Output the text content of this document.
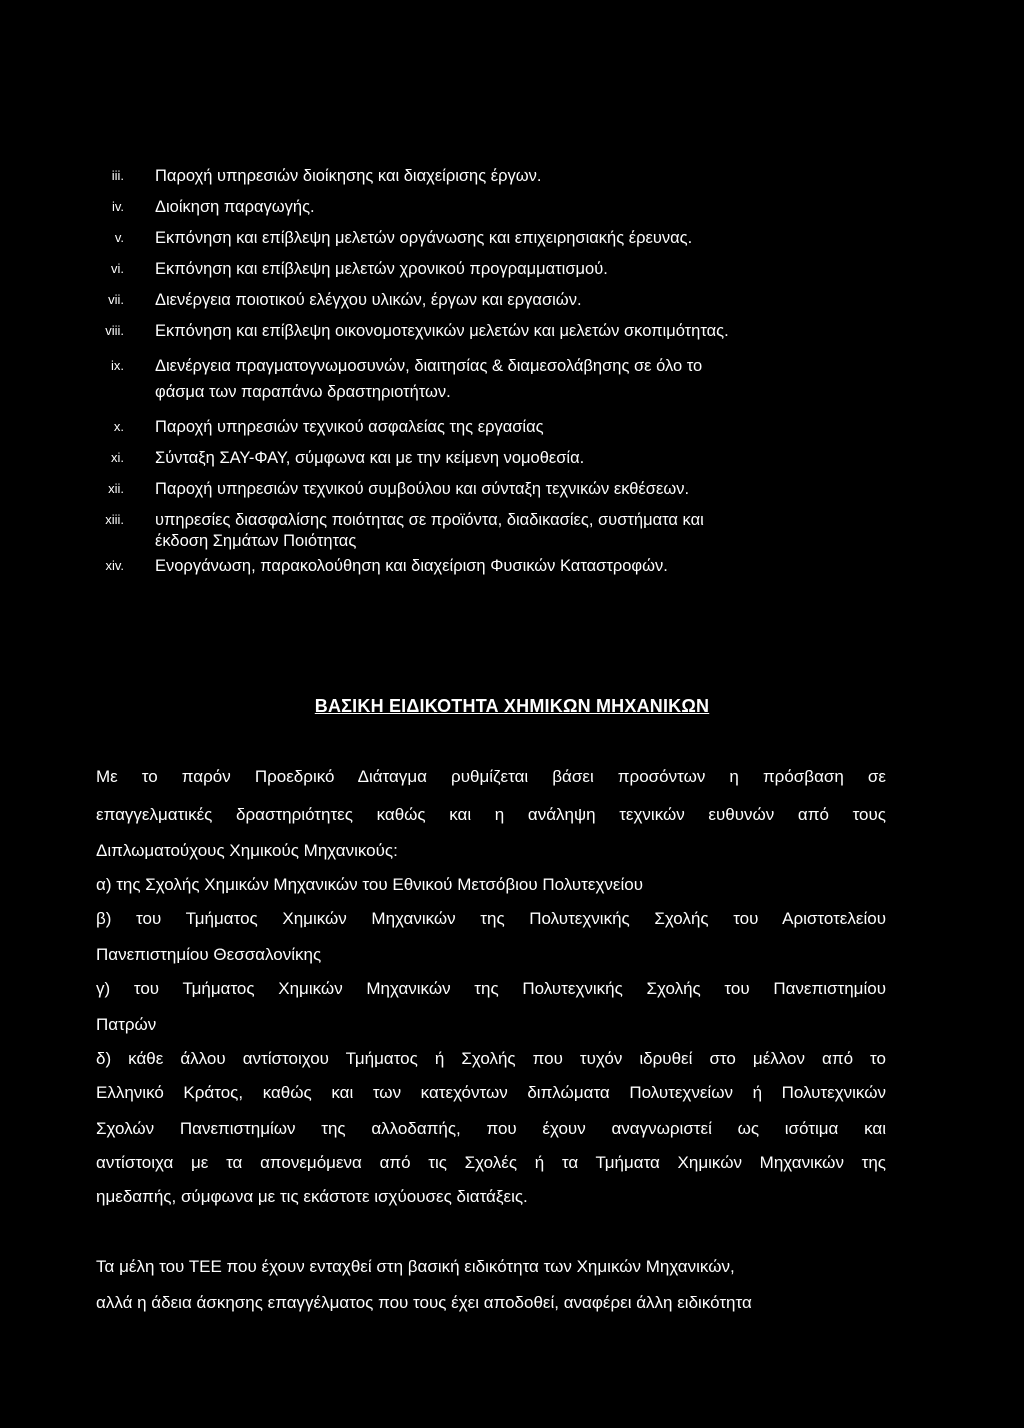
iii. Παροχή υπηρεσιών διοίκησης και διαχείρισης έργων.
iv. Διοίκηση παραγωγής.
v. Εκπόνηση και επίβλεψη μελετών οργάνωσης και επιχειρησιακής έρευνας.
vi. Εκπόνηση και επίβλεψη μελετών χρονικού προγραμματισμού.
vii. Διενέργεια ποιοτικού ελέγχου υλικών, έργων και εργασιών.
viii. Εκπόνηση και επίβλεψη οικονομοτεχνικών μελετών και μελετών σκοπιμότητας.
ix. Διενέργεια πραγματογνωμοσυνών, διαιτησίας & διαμεσολάβησης σε όλο το
φάσμα των παραπάνω δραστηριοτήτων.
x. Παροχή υπηρεσιών τεχνικού ασφαλείας της εργασίας
xi. Σύνταξη ΣΑΥ-ΦΑΥ, σύμφωνα και με την κείμενη νομοθεσία.
xii. Παροχή υπηρεσιών τεχνικού συμβούλου και σύνταξη τεχνικών εκθέσεων.
xiii. υπηρεσίες διασφαλίσης ποιότητας σε προϊόντα, διαδικασίες, συστήματα και
έκδοση Σημάτων Ποιότητας
xiv. Ενοργάνωση, παρακολούθηση και διαχείριση Φυσικών Καταστροφών.
ΒΑΣΙΚΗ ΕΙΔΙΚΟΤΗΤΑ ΧΗΜΙΚΩΝ ΜΗΧΑΝΙΚΩΝ
Με το παρόν Προεδρικό Διάταγμα ρυθμίζεται βάσει προσόντων η πρόσβαση σε
επαγγελματικές δραστηριότητες καθώς και η ανάληψη τεχνικών ευθυνών από τους
Διπλωματούχους Χημικούς Μηχανικούς:
α) της Σχολής Χημικών Μηχανικών του Εθνικού Μετσόβιου Πολυτεχνείου
β) του Τμήματος Χημικών Μηχανικών της Πολυτεχνικής Σχολής του Αριστοτελείου
Πανεπιστημίου Θεσσαλονίκης
γ) του Τμήματος Χημικών Μηχανικών της Πολυτεχνικής Σχολής του Πανεπιστημίου
Πατρών
δ) κάθε άλλου αντίστοιχου Τμήματος ή Σχολής που τυχόν ιδρυθεί στο μέλλον από το
Ελληνικό Κράτος, καθώς και των κατεχόντων διπλώματα Πολυτεχνείων ή Πολυτεχνικών
Σχολών Πανεπιστημίων της αλλοδαπής, που έχουν αναγνωριστεί ως ισότιμα και
αντίστοιχα με τα απονεμόμενα από τις Σχολές ή τα Τμήματα Χημικών Μηχανικών της
ημεδαπής, σύμφωνα με τις εκάστοτε ισχύουσες διατάξεις.
Τα μέλη του ΤΕΕ που έχουν ενταχθεί στη βασική ειδικότητα των Χημικών Μηχανικών,
αλλά η άδεια άσκησης επαγγέλματος που τους έχει αποδοθεί, αναφέρει άλλη ειδικότητα
